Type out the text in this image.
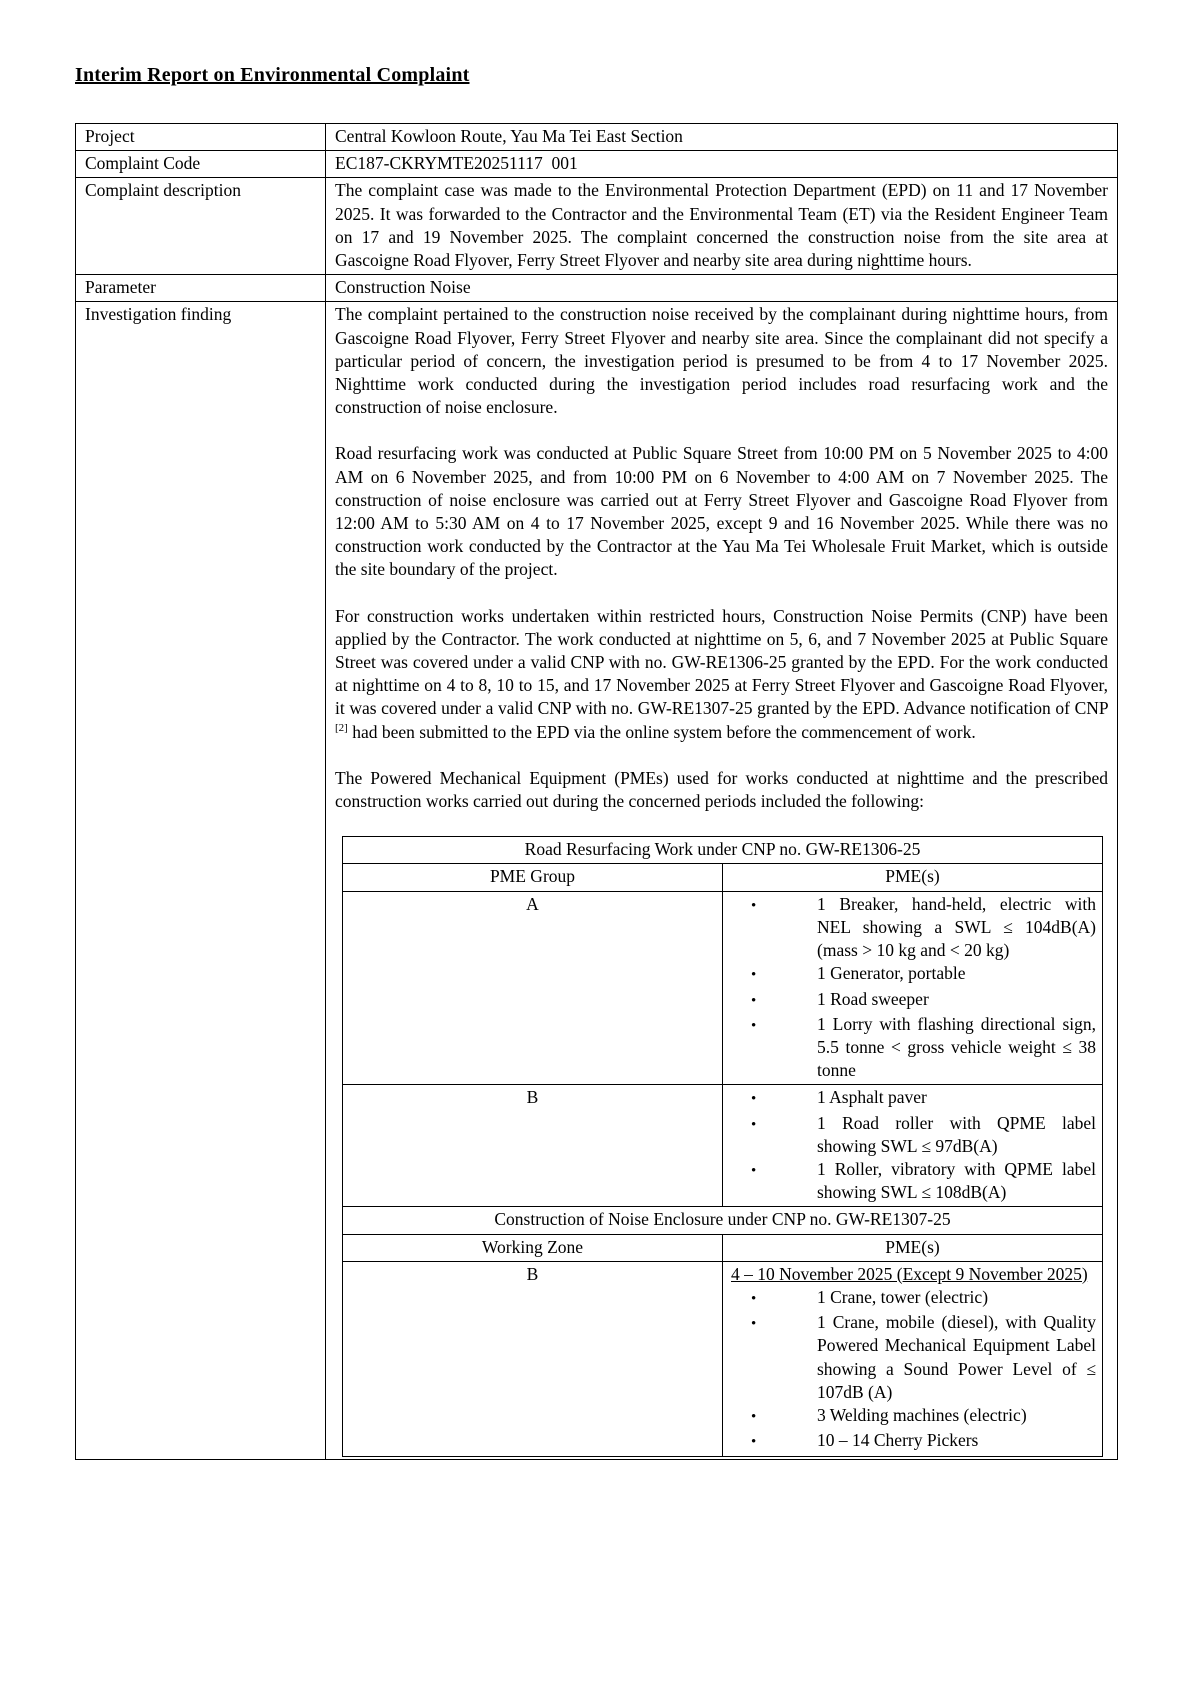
Interim Report on Environmental Complaint
Project	Central Kowloon Route, Yau Ma Tei East Section
Complaint Code	EC187-CKRYMTE20251117  001
Complaint description	The complaint case was made to the Environmental Protection Department (EPD) on 11 and 17 November 2025. It was forwarded to the Contractor and the Environmental Team (ET) via the Resident Engineer Team on 17 and 19 November 2025. The complaint concerned the construction noise from the site area at Gascoigne Road Flyover, Ferry Street Flyover and nearby site area during nighttime hours.

Parameter	Construction Noise
Investigation finding	The complaint pertained to the construction noise received by the complainant during nighttime hours, from Gascoigne Road Flyover, Ferry Street Flyover and nearby site area. Since the complainant did not specify a particular period of concern, the investigation period is presumed to be from 4 to 17 November 2025. Nighttime work conducted during the investigation period includes road resurfacing work and the construction of noise enclosure.

Road resurfacing work was conducted at Public Square Street from 10:00 PM on 5 November 2025 to 4:00 AM on 6 November 2025, and from 10:00 PM on 6 November to 4:00 AM on 7 November 2025. The construction of noise enclosure was carried out at Ferry Street Flyover and Gascoigne Road Flyover from 12:00 AM to 5:30 AM on 4 to 17 November 2025, except 9 and 16 November 2025. While there was no construction work conducted by the Contractor at the Yau Ma Tei Wholesale Fruit Market, which is outside the site boundary of the project.

For construction works undertaken within restricted hours, Construction Noise Permits (CNP) have been applied by the Contractor. The work conducted at nighttime on 5, 6, and 7 November 2025 at Public Square Street was covered under a valid CNP with no. GW-RE1306-25 granted by the EPD. For the work conducted at nighttime on 4 to 8, 10 to 15, and 17 November 2025 at Ferry Street Flyover and Gascoigne Road Flyover, it was covered under a valid CNP with no. GW-RE1307-25 granted by the EPD. Advance notification of CNP [2] had been submitted to the EPD via the online system before the commencement of work.

The Powered Mechanical Equipment (PMEs) used for works conducted at nighttime and the prescribed construction works carried out during the concerned periods included the following:

Road Resurfacing Work under CNP no. GW-RE1306-25
PME Group	PME(s)
A	
•1 Breaker, hand-held, electric with NEL showing a SWL ≤ 104dB(A) (mass > 10 kg and < 20 kg)
• 1 Generator, portable
• 1 Road sweeper
• 1 Lorry with flashing directional sign, 5.5 tonne < gross vehicle weight ≤ 38 tonne

B	
•1 Asphalt paver
• 1 Road roller with QPME label showing SWL ≤ 97dB(A)
• 1 Roller, vibratory with QPME label showing SWL ≤ 108dB(A)

Construction of Noise Enclosure under CNP no. GW-RE1307-25
Working Zone	PME(s)
B	4 – 10 November 2025 (Except 9 November 2025)
• 1 Crane, tower (electric)
• 1 Crane, mobile (diesel), with Quality Powered Mechanical Equipment Label showing a Sound Power Level of ≤ 107dB (A)
• 3 Welding machines (electric)
• 10 – 14 Cherry Pickers
